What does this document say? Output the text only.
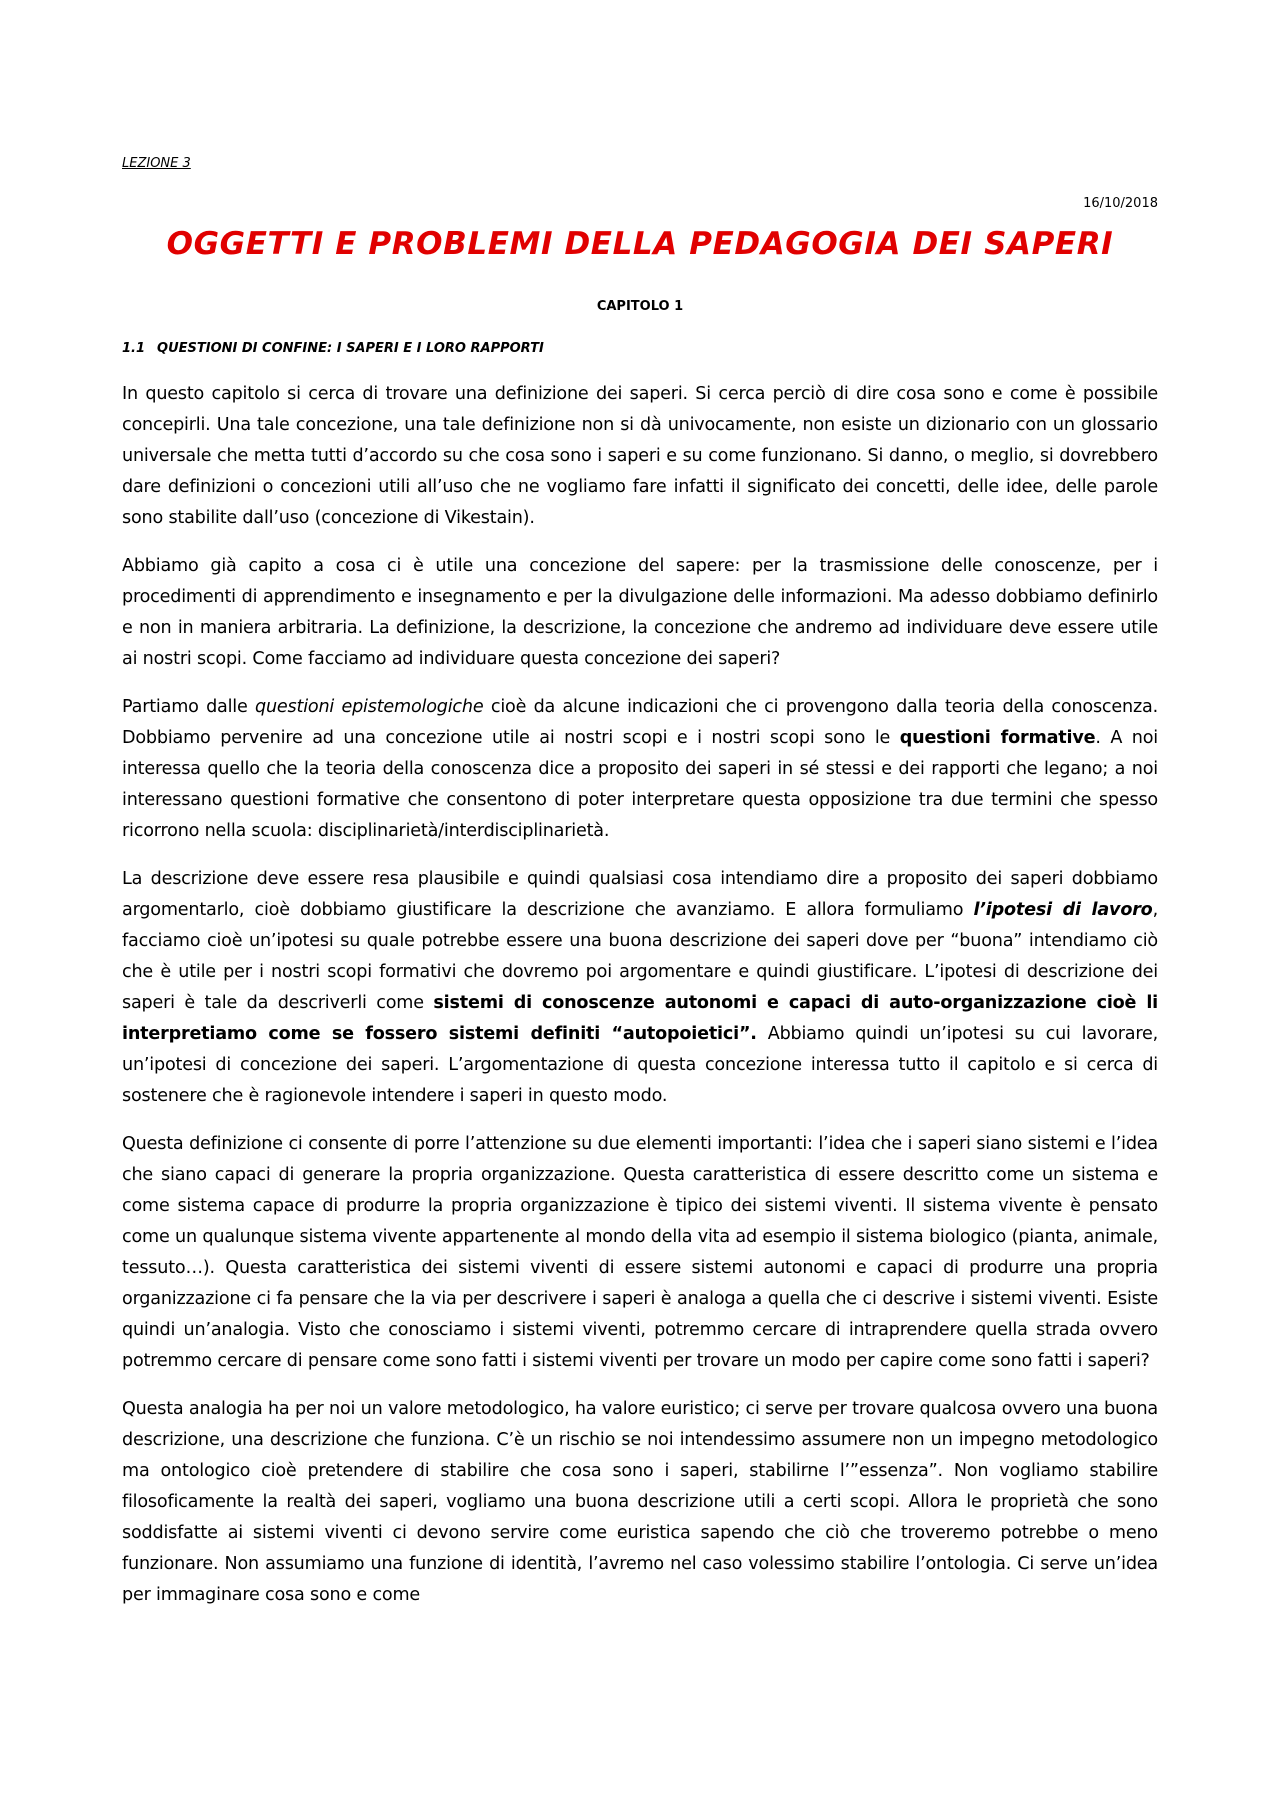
LEZIONE 3
16/10/2018
OGGETTI E PROBLEMI DELLA PEDAGOGIA DEI SAPERI
CAPITOLO 1
1.1 QUESTIONI DI CONFINE: I SAPERI E I LORO RAPPORTI

In questo capitolo si cerca di trovare una definizione dei saperi. Si cerca perciò di dire cosa sono e come è possibile concepirli. Una tale concezione, una tale definizione non si dà univocamente, non esiste un dizionario con un glossario universale che metta tutti d’accordo su che cosa sono i saperi e su come funzionano. Si danno, o meglio, si dovrebbero dare definizioni o concezioni utili all’uso che ne vogliamo fare infatti il significato dei concetti, delle idee, delle parole sono stabilite dall’uso (concezione di Vikestain).

Abbiamo già capito a cosa ci è utile una concezione del sapere: per la trasmissione delle conoscenze, per i procedimenti di apprendimento e insegnamento e per la divulgazione delle informazioni. Ma adesso dobbiamo definirlo e non in maniera arbitraria. La definizione, la descrizione, la concezione che andremo ad individuare deve essere utile ai nostri scopi. Come facciamo ad individuare questa concezione dei saperi?

Partiamo dalle questioni epistemologiche cioè da alcune indicazioni che ci provengono dalla teoria della conoscenza. Dobbiamo pervenire ad una concezione utile ai nostri scopi e i nostri scopi sono le questioni formative. A noi interessa quello che la teoria della conoscenza dice a proposito dei saperi in sé stessi e dei rapporti che legano; a noi interessano questioni formative che consentono di poter interpretare questa opposizione tra due termini che spesso ricorrono nella scuola: disciplinarietà/interdisciplinarietà.

La descrizione deve essere resa plausibile e quindi qualsiasi cosa intendiamo dire a proposito dei saperi dobbiamo argomentarlo, cioè dobbiamo giustificare la descrizione che avanziamo. E allora formuliamo l’ipotesi di lavoro, facciamo cioè un’ipotesi su quale potrebbe essere una buona descrizione dei saperi dove per “buona” intendiamo ciò che è utile per i nostri scopi formativi che dovremo poi argomentare e quindi giustificare. L’ipotesi di descrizione dei saperi è tale da descriverli come sistemi di conoscenze autonomi e capaci di auto-organizzazione cioè li interpretiamo come se fossero sistemi definiti “autopoietici”. Abbiamo quindi un’ipotesi su cui lavorare, un’ipotesi di concezione dei saperi. L’argomentazione di questa concezione interessa tutto il capitolo e si cerca di sostenere che è ragionevole intendere i saperi in questo modo.

Questa definizione ci consente di porre l’attenzione su due elementi importanti: l’idea che i saperi siano sistemi e l’idea che siano capaci di generare la propria organizzazione. Questa caratteristica di essere descritto come un sistema e come sistema capace di produrre la propria organizzazione è tipico dei sistemi viventi. Il sistema vivente è pensato come un qualunque sistema vivente appartenente al mondo della vita ad esempio il sistema biologico (pianta, animale, tessuto…). Questa caratteristica dei sistemi viventi di essere sistemi autonomi e capaci di produrre una propria organizzazione ci fa pensare che la via per descrivere i saperi è analoga a quella che ci descrive i sistemi viventi. Esiste quindi un’analogia. Visto che conosciamo i sistemi viventi, potremmo cercare di intraprendere quella strada ovvero potremmo cercare di pensare come sono fatti i sistemi viventi per trovare un modo per capire come sono fatti i saperi?

Questa analogia ha per noi un valore metodologico, ha valore euristico; ci serve per trovare qualcosa ovvero una buona descrizione, una descrizione che funziona. C’è un rischio se noi intendessimo assumere non un impegno metodologico ma ontologico cioè pretendere di stabilire che cosa sono i saperi, stabilirne l’”essenza”. Non vogliamo stabilire filosoficamente la realtà dei saperi, vogliamo una buona descrizione utili a certi scopi. Allora le proprietà che sono soddisfatte ai sistemi viventi ci devono servire come euristica sapendo che ciò che troveremo potrebbe o meno funzionare. Non assumiamo una funzione di identità, l’avremo nel caso volessimo stabilire l’ontologia. Ci serve un’idea per immaginare cosa sono e come
